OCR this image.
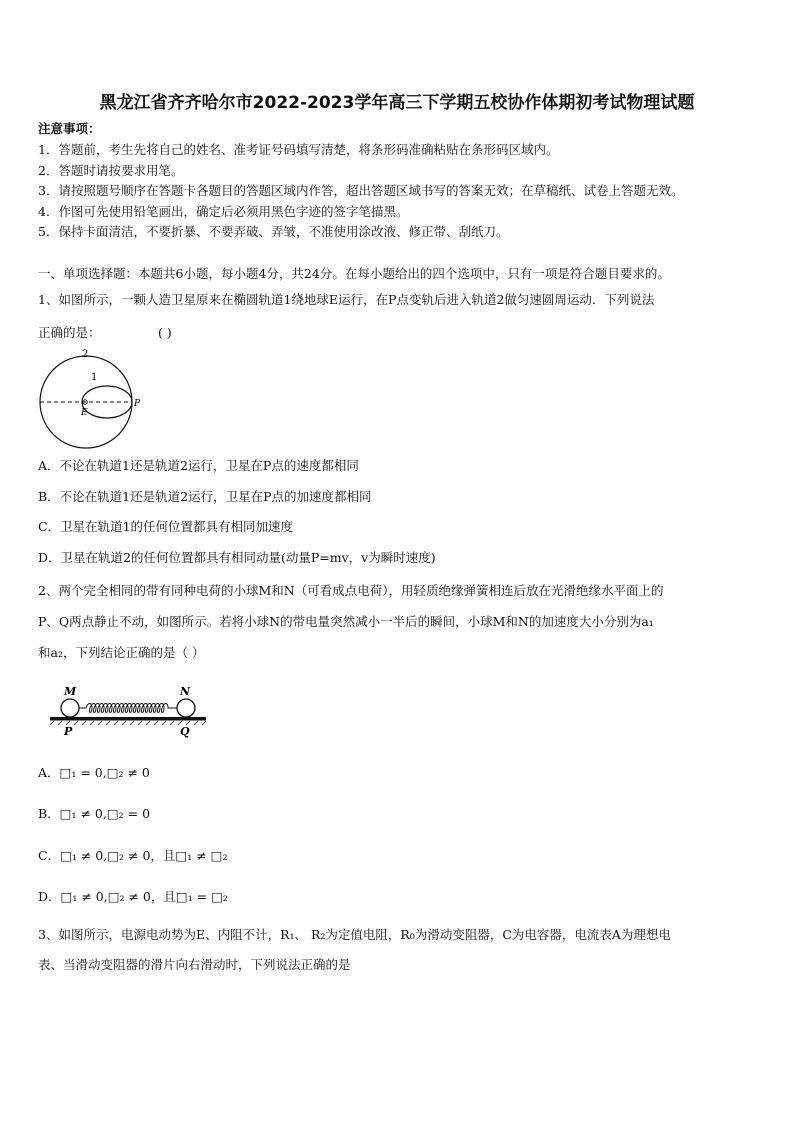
黑龙江省齐齐哈尔市2022-2023学年高三下学期五校协作体期初考试物理试题
注意事项：
1．答题前，考生先将自己的姓名、准考证号码填写清楚，将条形码准确粘贴在条形码区域内。
2．答题时请按要求用笔。
3．请按照题号顺序在答题卡各题目的答题区域内作答，超出答题区域书写的答案无效；在草稿纸、试卷上答题无效。
4．作图可先使用铅笔画出，确定后必须用黑色字迹的签字笔描黑。
5．保持卡面清洁，不要折暴、不要弄破、弄皱，不准使用涂改液、修正带、刮纸刀。
一、单项选择题：本题共6小题，每小题4分，共24分。在每小题给出的四个选项中，只有一项是符合题目要求的。
1、如图所示，一颗人造卫星原来在椭圆轨道1绕地球E运行，在P点变轨后进入轨道2做匀速圆周运动．下列说法
正确的是：	( )
2
1
E
P
A．不论在轨道1还是轨道2运行，卫星在P点的速度都相同
B．不论在轨道1还是轨道2运行，卫星在P点的加速度都相同
C．卫星在轨道1的任何位置都具有相同加速度
D．卫星在轨道2的任何位置都具有相同动量(动量P=mv，v为瞬时速度)
2、两个完全相同的带有同种电荷的小球M和N（可看成点电荷），用轻质绝缘弹簧相连后放在光滑绝缘水平面上的
P、Q两点静止不动，如图所示。若将小球N的带电量突然减小一半后的瞬间，小球M和N的加速度大小分别为a₁
和a₂，下列结论正确的是（ ）
M	N
P	Q
A．□₁ = 0,□₂ ≠ 0
B．□₁ ≠ 0,□₂ = 0
C．□₁ ≠ 0,□₂ ≠ 0，且□₁ ≠ □₂
D．□₁ ≠ 0,□₂ ≠ 0，且□₁ = □₂
3、如图所示，电源电动势为E、内阻不计，R₁、 R₂为定值电阻，R₀为滑动变阻器，C为电容器，电流表A为理想电
表、当滑动变阻器的滑片向右滑动时，下列说法正确的是
